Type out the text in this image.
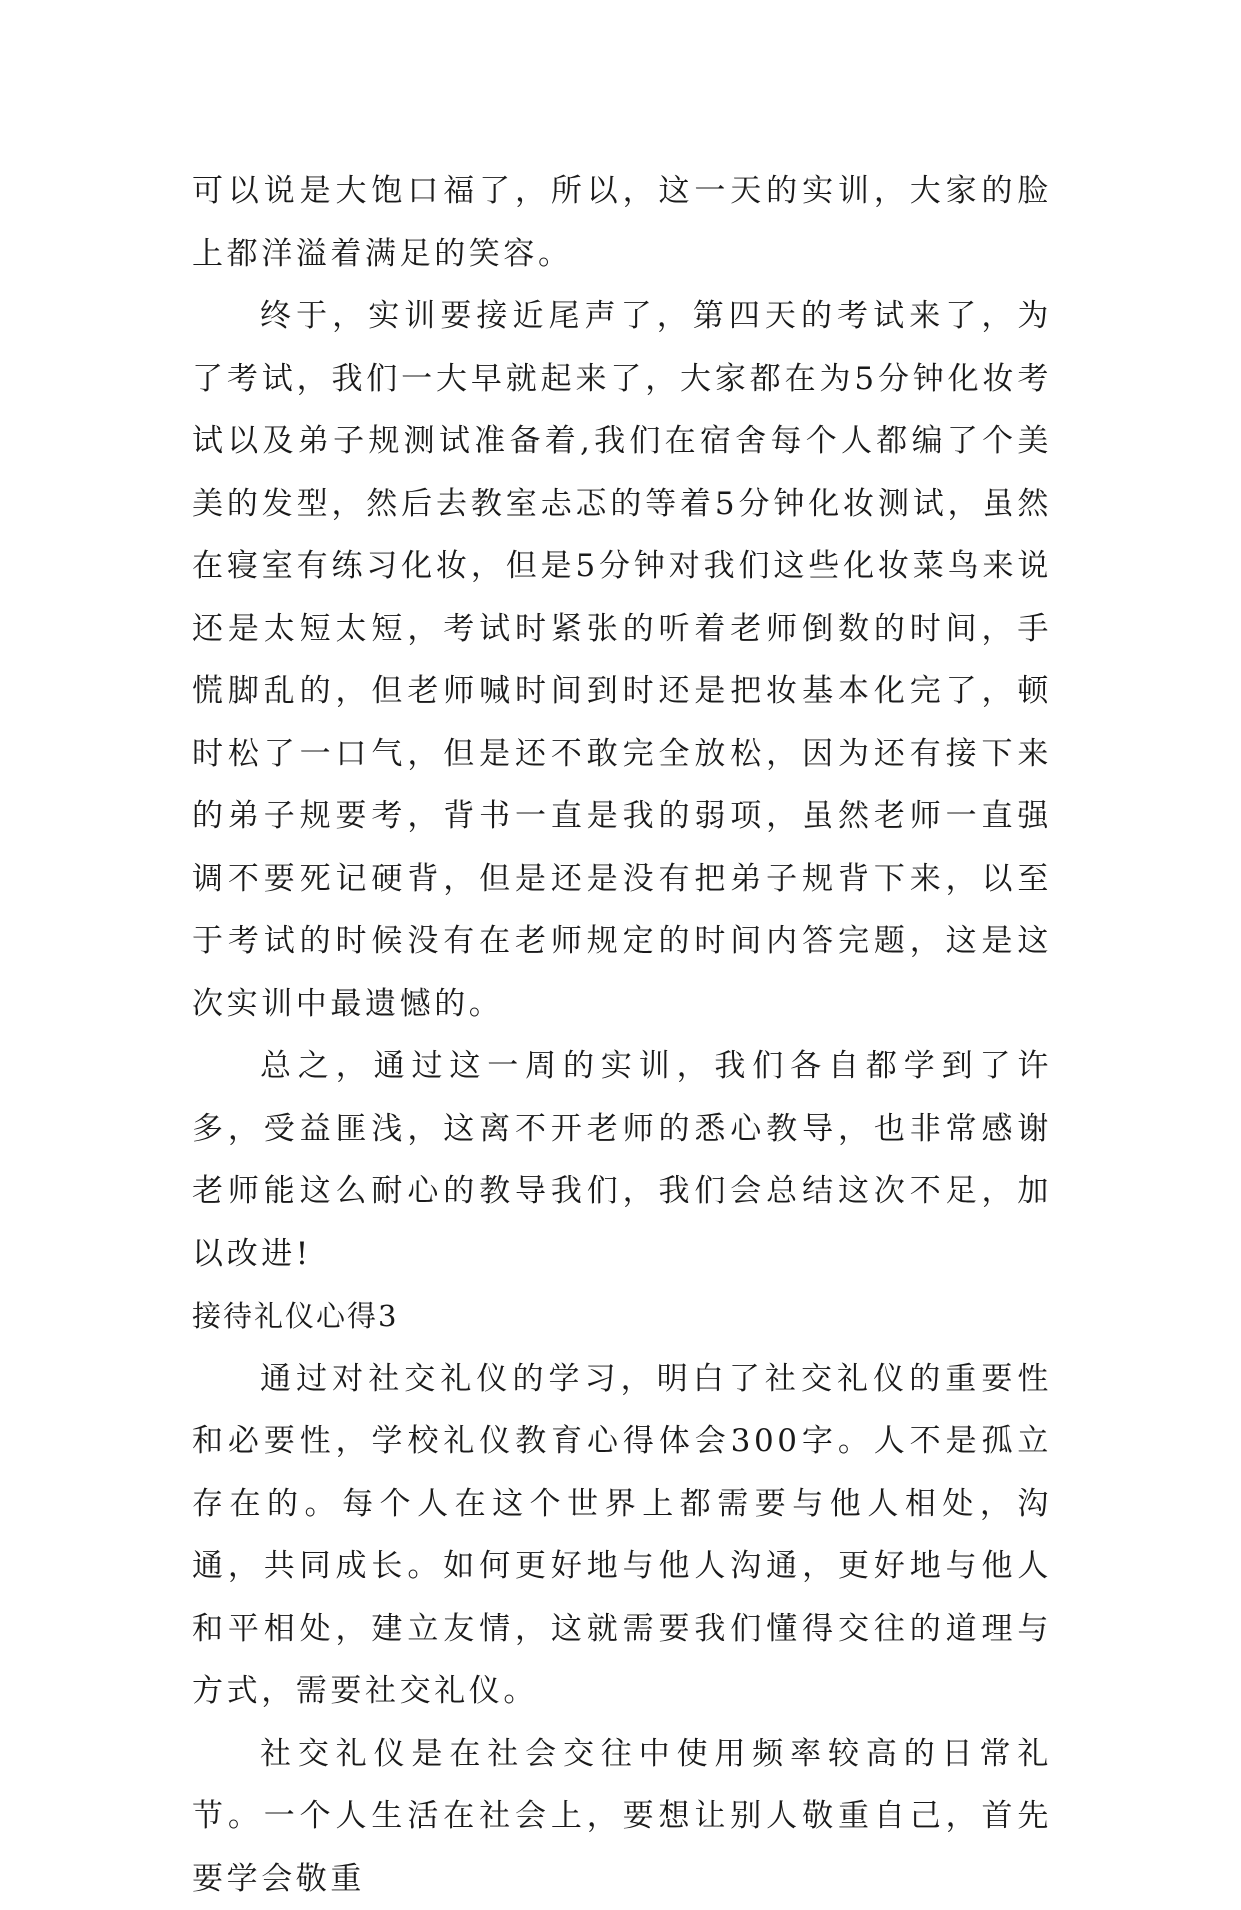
可以说是大饱口福了，所以，这一天的实训，大家的脸上都洋溢着满足的笑容。

终于，实训要接近尾声了，第四天的考试来了，为了考试，我们一大早就起来了，大家都在为5分钟化妆考试以及弟子规测试准备着,我们在宿舍每个人都编了个美美的发型，然后去教室忐忑的等着5分钟化妆测试，虽然在寝室有练习化妆，但是5分钟对我们这些化妆菜鸟来说还是太短太短，考试时紧张的听着老师倒数的时间，手慌脚乱的，但老师喊时间到时还是把妆基本化完了，顿时松了一口气，但是还不敢完全放松，因为还有接下来的弟子规要考，背书一直是我的弱项，虽然老师一直强调不要死记硬背，但是还是没有把弟子规背下来，以至于考试的时候没有在老师规定的时间内答完题，这是这次实训中最遗憾的。

总之，通过这一周的实训，我们各自都学到了许多，受益匪浅，这离不开老师的悉心教导，也非常感谢老师能这么耐心的教导我们，我们会总结这次不足，加以改进!

接待礼仪心得3

通过对社交礼仪的学习，明白了社交礼仪的重要性和必要性，学校礼仪教育心得体会300字。人不是孤立存在的。每个人在这个世界上都需要与他人相处，沟通，共同成长。如何更好地与他人沟通，更好地与他人和平相处，建立友情，这就需要我们懂得交往的道理与方式，需要社交礼仪。

社交礼仪是在社会交往中使用频率较高的日常礼节。一个人生活在社会上，要想让别人敬重自己，首先要学会敬重
